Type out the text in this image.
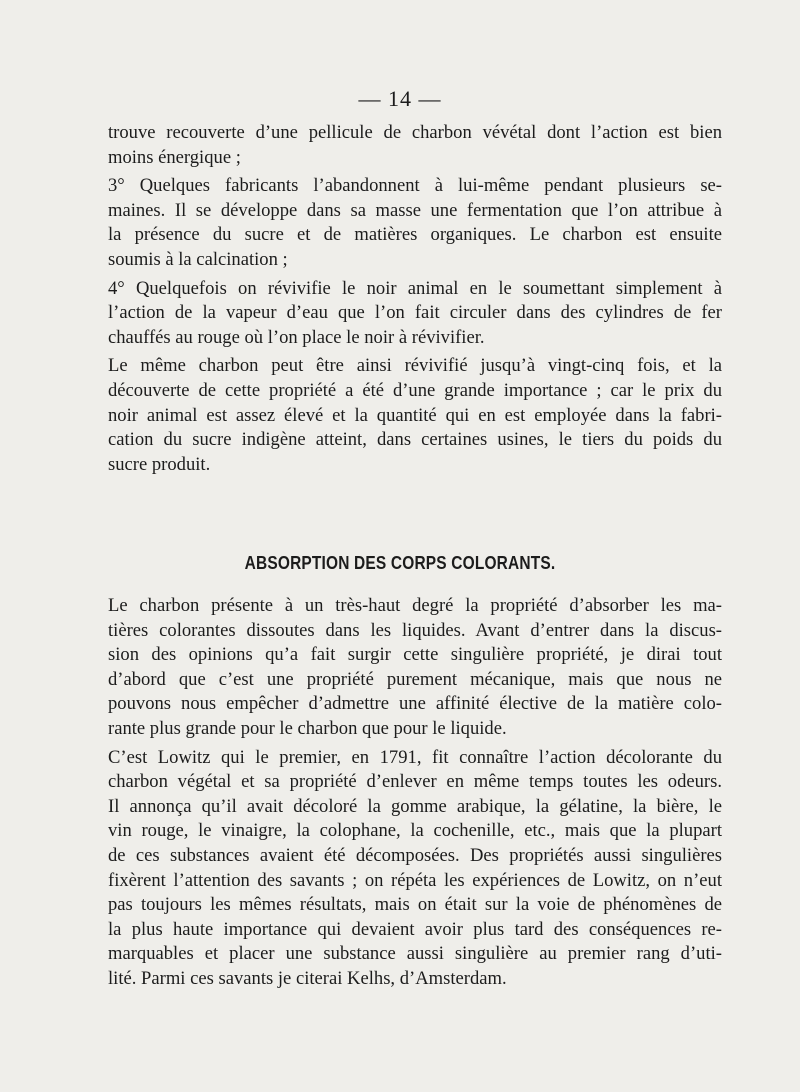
— 14 —
trouve recouverte d’une pellicule de charbon vévétal dont l’action est bien
moins énergique ;
3° Quelques fabricants l’abandonnent à lui-même pendant plusieurs se-
maines. Il se développe dans sa masse une fermentation que l’on attribue à
la présence du sucre et de matières organiques. Le charbon est ensuite
soumis à la calcination ;
4° Quelquefois on révivifie le noir animal en le soumettant simplement à
l’action de la vapeur d’eau que l’on fait circuler dans des cylindres de fer
chauffés au rouge où l’on place le noir à révivifier.
Le même charbon peut être ainsi révivifié jusqu’à vingt-cinq fois, et la
découverte de cette propriété a été d’une grande importance ; car le prix du
noir animal est assez élevé et la quantité qui en est employée dans la fabri-
cation du sucre indigène atteint, dans certaines usines, le tiers du poids du
sucre produit.
ABSORPTION DES CORPS COLORANTS.
Le charbon présente à un très-haut degré la propriété d’absorber les ma-
tières colorantes dissoutes dans les liquides. Avant d’entrer dans la discus-
sion des opinions qu’a fait surgir cette singulière propriété, je dirai tout
d’abord que c’est une propriété purement mécanique, mais que nous ne
pouvons nous empêcher d’admettre une affinité élective de la matière colo-
rante plus grande pour le charbon que pour le liquide.
C’est Lowitz qui le premier, en 1791, fit connaître l’action décolorante du
charbon végétal et sa propriété d’enlever en même temps toutes les odeurs.
Il annonça qu’il avait décoloré la gomme arabique, la gélatine, la bière, le
vin rouge, le vinaigre, la colophane, la cochenille, etc., mais que la plupart
de ces substances avaient été décomposées. Des propriétés aussi singulières
fixèrent l’attention des savants ; on répéta les expériences de Lowitz, on n’eut
pas toujours les mêmes résultats, mais on était sur la voie de phénomènes de
la plus haute importance qui devaient avoir plus tard des conséquences re-
marquables et placer une substance aussi singulière au premier rang d’uti-
lité. Parmi ces savants je citerai Kelhs, d’Amsterdam.
